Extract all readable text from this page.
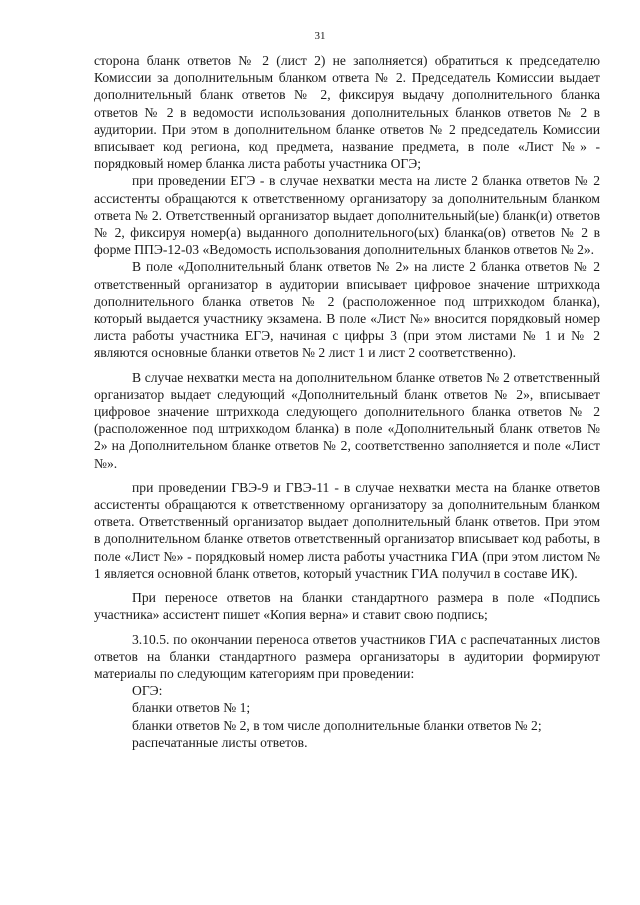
31

сторона бланк ответов № 2 (лист 2) не заполняется) обратиться к председателю Комиссии за дополнительным бланком ответа № 2. Председатель Комиссии выдает дополнительный бланк ответов № 2, фиксируя выдачу дополнительного бланка ответов № 2 в ведомости использования дополнительных бланков ответов № 2 в аудитории. При этом в дополнительном бланке ответов № 2 председатель Комиссии вписывает код региона, код предмета, название предмета, в поле «Лист №» - порядковый номер бланка листа работы участника ОГЭ;

при проведении ЕГЭ - в случае нехватки места на листе 2 бланка ответов № 2 ассистенты обращаются к ответственному организатору за дополнительным бланком ответа № 2. Ответственный организатор выдает дополнительный(ые) бланк(и) ответов № 2, фиксируя номер(а) выданного дополнительного(ых) бланка(ов) ответов № 2 в форме ППЭ-12-03 «Ведомость использования дополнительных бланков ответов № 2».

В поле «Дополнительный бланк ответов № 2» на листе 2 бланка ответов № 2 ответственный организатор в аудитории вписывает цифровое значение штрихкода дополнительного бланка ответов № 2 (расположенное под штрихкодом бланка), который выдается участнику экзамена. В поле «Лист №» вносится порядковый номер листа работы участника ЕГЭ, начиная с цифры 3 (при этом листами № 1 и № 2 являются основные бланки ответов № 2 лист 1 и лист 2 соответственно).

В случае нехватки места на дополнительном бланке ответов № 2 ответственный организатор выдает следующий «Дополнительный бланк ответов № 2», вписывает цифровое значение штрихкода следующего дополнительного бланка ответов № 2 (расположенное под штрихкодом бланка) в поле «Дополнительный бланк ответов № 2» на Дополнительном бланке ответов № 2, соответственно заполняется и поле «Лист №».

при проведении ГВЭ-9 и ГВЭ-11 - в случае нехватки места на бланке ответов ассистенты обращаются к ответственному организатору за дополнительным бланком ответа. Ответственный организатор выдает дополнительный бланк ответов. При этом в дополнительном бланке ответов ответственный организатор вписывает код работы, в поле «Лист №» - порядковый номер листа работы участника ГИА (при этом листом № 1 является основной бланк ответов, который участник ГИА получил в составе ИК).

При переносе ответов на бланки стандартного размера в поле «Подпись участника» ассистент пишет «Копия верна» и ставит свою подпись;

3.10.5. по окончании переноса ответов участников ГИА с распечатанных листов ответов на бланки стандартного размера организаторы в аудитории формируют материалы по следующим категориям при проведении:

ОГЭ:

бланки ответов № 1;

бланки ответов № 2, в том числе дополнительные бланки ответов № 2;

распечатанные листы ответов.
